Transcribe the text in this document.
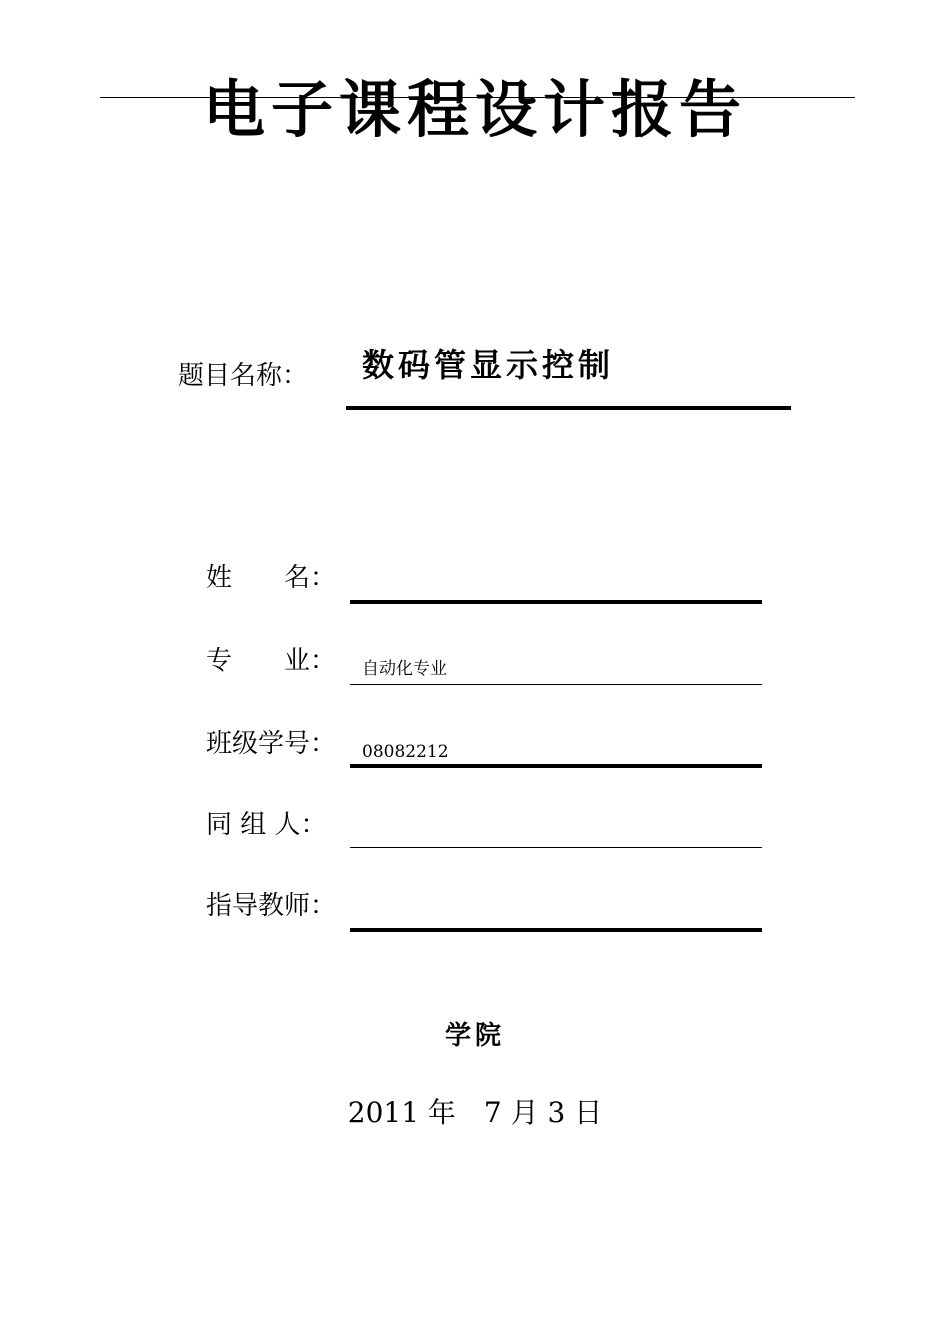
电子课程设计报告
题目名称： 数码管显示控制
姓　　名：
专　　业： 自动化专业
班级学号： 08082212
同 组 人：
指导教师：
学院
2011 年　7 月 3 日
